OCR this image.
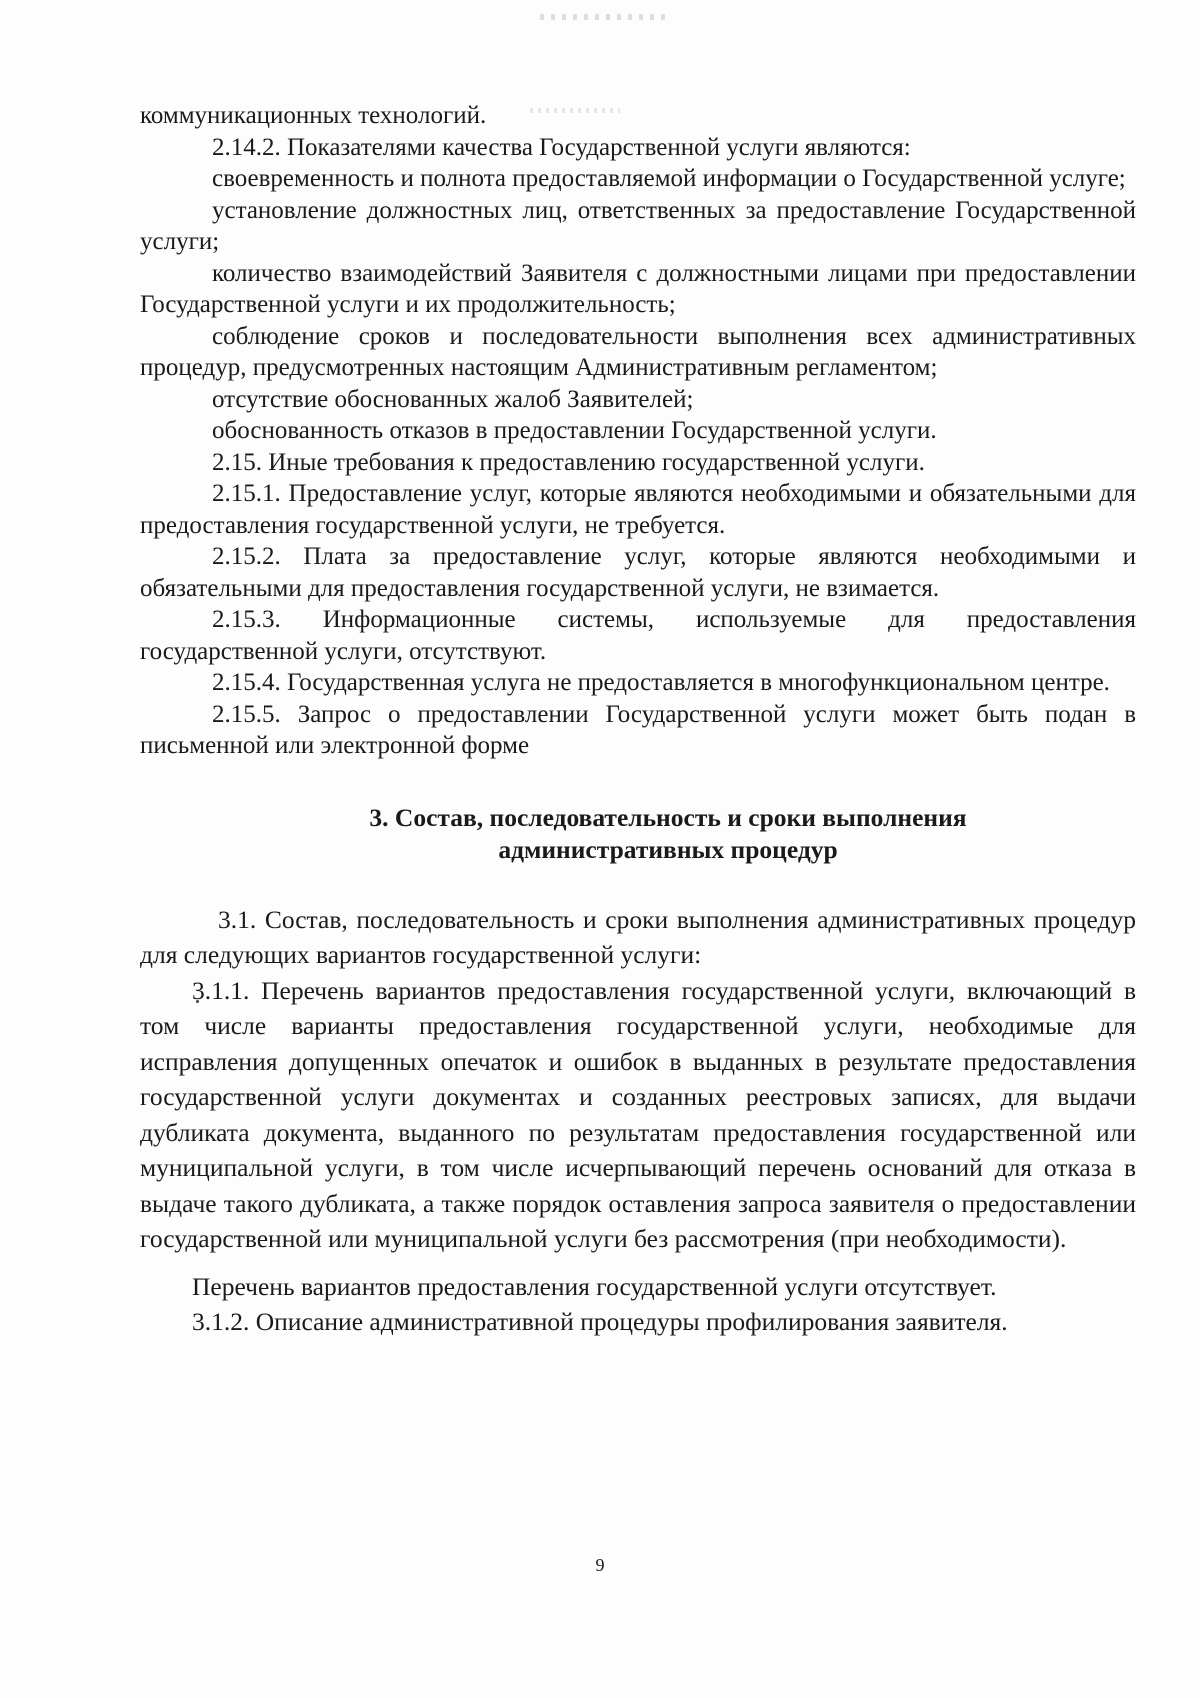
коммуникационных технологий.

2.14.2. Показателями качества Государственной услуги являются:

своевременность и полнота предоставляемой информации о Государственной услуге;

установление должностных лиц, ответственных за предоставление Государственной услуги;

количество взаимодействий Заявителя с должностными лицами при предоставлении Государственной услуги и их продолжительность;

соблюдение сроков и последовательности выполнения всех административных процедур, предусмотренных настоящим Административным регламентом;

отсутствие обоснованных жалоб Заявителей;

обоснованность отказов в предоставлении Государственной услуги.

2.15. Иные требования к предоставлению государственной услуги.

2.15.1. Предоставление услуг, которые являются необходимыми и обязательными для предоставления государственной услуги, не требуется.

2.15.2. Плата за предоставление услуг, которые являются необходимыми и обязательными для предоставления государственной услуги, не взимается.

2.15.3. Информационные системы, используемые для предоставления государственной услуги, отсутствуют.

2.15.4. Государственная услуга не предоставляется в многофункциональном центре.

2.15.5. Запрос о предоставлении Государственной услуги может быть подан в письменной или электронной форме

3. Состав, последовательность и сроки выполнения
административных процедур

3.1. Состав, последовательность и сроки выполнения административных процедур для следующих вариантов государственной услуги:

3.1.1. Перечень вариантов предоставления государственной услуги, включающий в том числе варианты предоставления государственной услуги, необходимые для исправления допущенных опечаток и ошибок в выданных в результате предоставления государственной услуги документах и созданных реестровых записях, для выдачи дубликата документа, выданного по результатам предоставления государственной или муниципальной услуги, в том числе исчерпывающий перечень оснований для отказа в выдаче такого дубликата, а также порядок оставления запроса заявителя о предоставлении государственной или муниципальной услуги без рассмотрения (при необходимости).

Перечень вариантов предоставления государственной услуги отсутствует.

3.1.2. Описание административной процедуры профилирования заявителя.

9
